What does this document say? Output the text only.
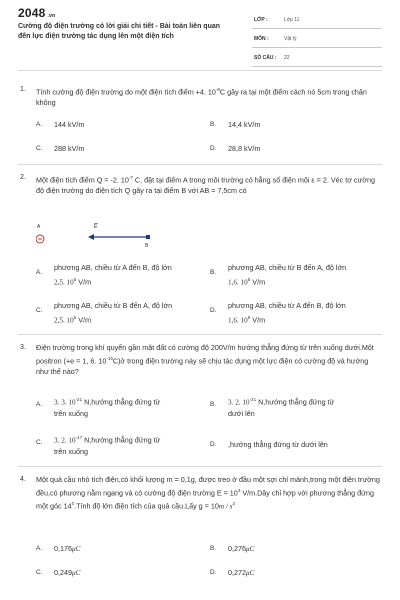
2048 .vn
Cường độ điện trường có lời giải chi tiết - Bài toán liên quan đến lực điện trường tác dụng lên một điện tích
LỚP :	Lớp 11
MÔN :	Vật lý
SỐ CÂU : 22
1. Tính cường độ điện trường do một điện tích điểm +4. $10^{-9}C$ gây ra tại một điểm cách nó 5cm trong chân không
A. 144 kV/m	B. 14,4 kV/m
C. 288 kV/m	D. 28,8 kV/m
2. Một điện tích điểm Q = -2. $10^{-7}$ C, đặt tại điểm A trong môi trường có hằng số điện môi ε = 2. Véc tơ cường độ điện trường do điện tích Q gây ra tại điểm B với AB = 7,5cm có
A	E
B
A.
phương AB, chiều từ A đến B, độ lớn
2,5. $10^5$ V/m
B.
phương AB, chiều từ B đến A, độ lớn
1,6. $10^5$ V/m
C.
phương AB, chiều từ B đến A, độ lớn
2,5. $10^5$ V/m
D.
phương AB, chiều từ A đến B, độ lớn
1,6. $10^5$ V/m
3. Điện trường trong khí quyển gần mặt đất có cường độ 200V/m hướng thẳng đứng từ trên xuống dưới.Một positron (+e = 1, 6. $10^{-19}C)ở$ trong điện trường này sẽ chịu tác dụng một lực điện có cường độ và hướng như thế nào?
A. 3. 3. $10^{-21}$ N,hướng thẳng đứng từ
trên xuống
B. 3. 2. $10^{-21}$ N,hướng thẳng đứng từ
dưới lên
C. 3. 2. $10^{-17}$ N,hướng thẳng đứng từ
trên xuống
D. ,hướng thẳng đứng từ dưới lên
4. Một quả cầu nhỏ tích điện,có khối lượng m = 0,1g, được treo ở đầu một sợi chỉ mảnh,trong một điện trường đều,có phương nằm ngang và có cường độ điện trường $E = 10^3$ V/m.Dây chỉ hợp với phương thẳng đứng một góc $14^0.Tính$ độ lớn điện tích của quả cầu.Lấy $g = 10m / s^2$
A. 0,176μC	B. 0,276μC
C. 0,249μC	D. 0,272μC
